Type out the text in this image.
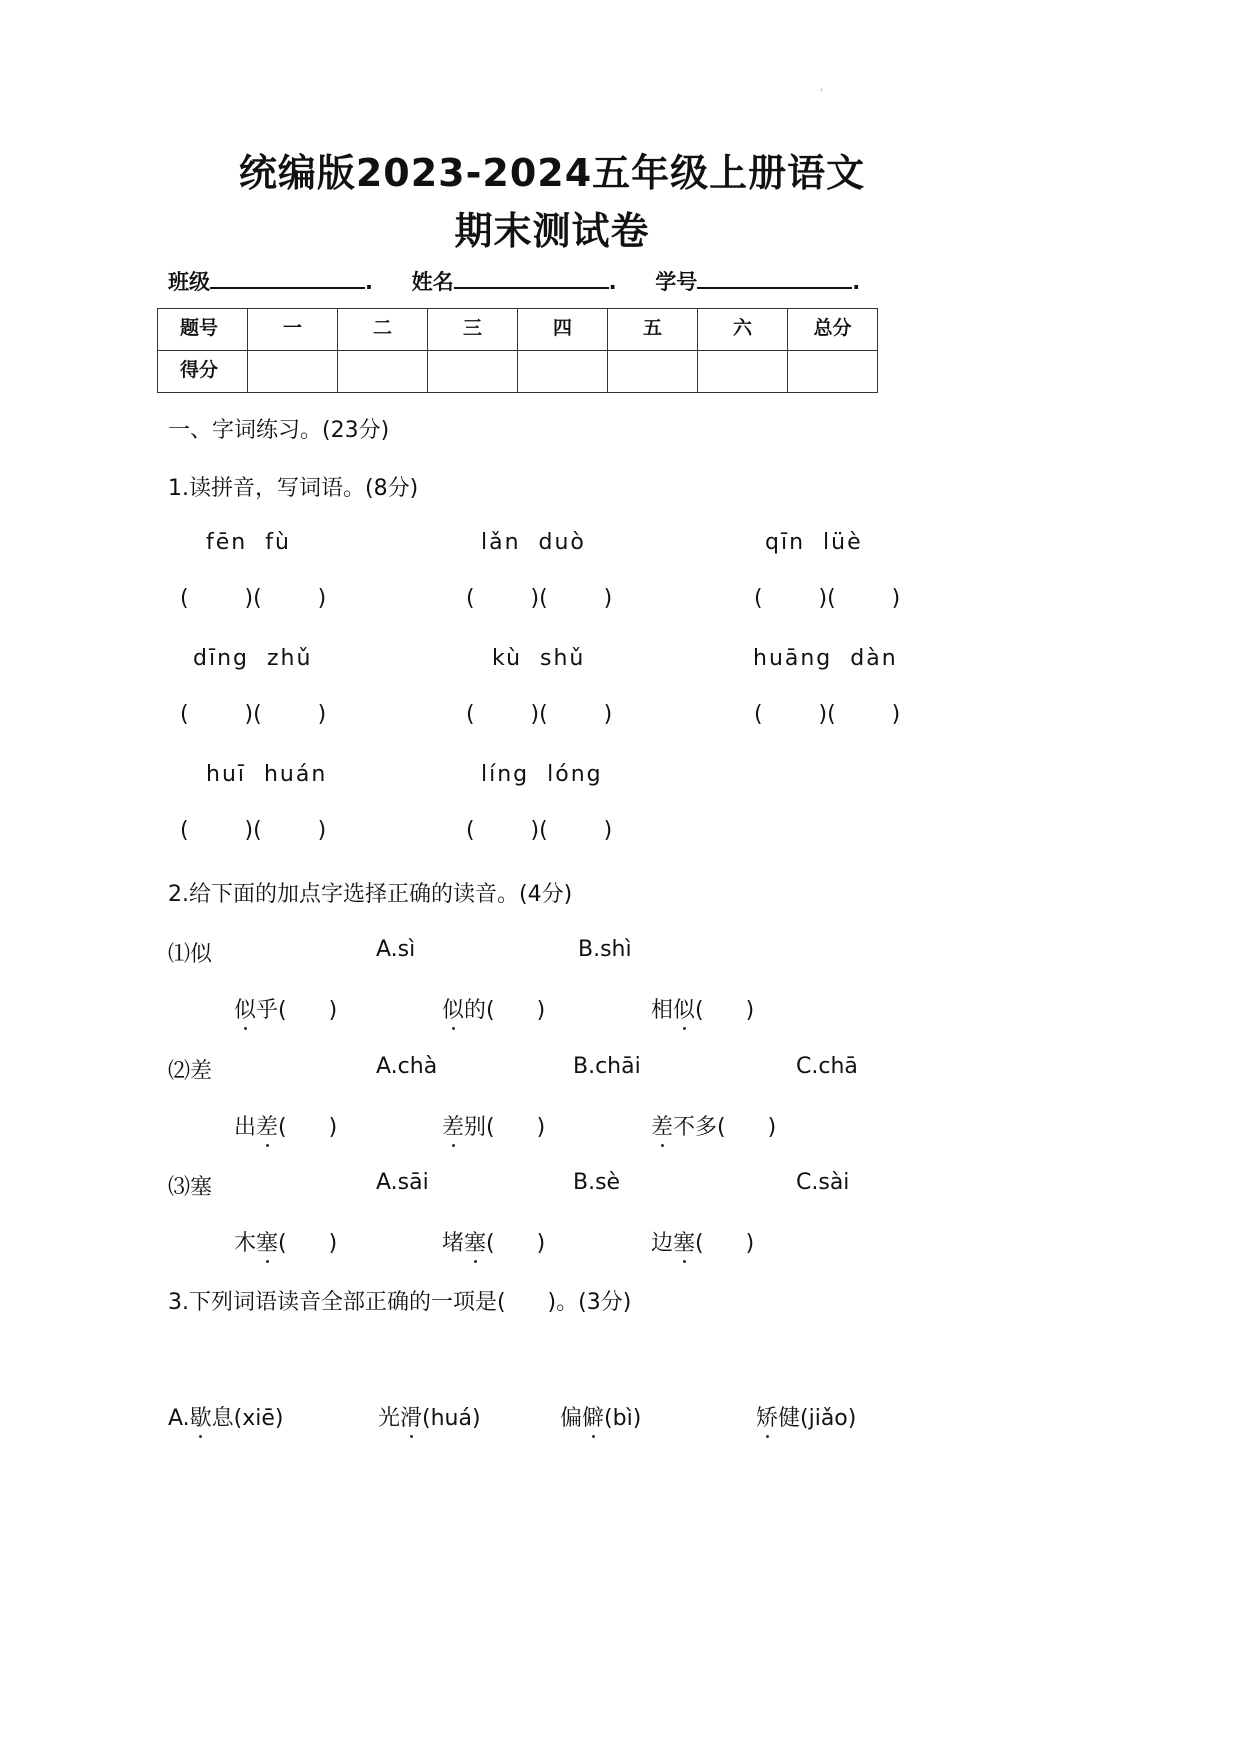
'
统编版2023-2024五年级上册语文
期末测试卷
班级	. 姓名	. 学号	.
题号	一	二	三	四	五	六	总分
得分							
一、字词练习。(23分)
1.读拼音，写词语。(8分)
fēn  fù	lǎn  duò	qīn  lüè
(        )(        )	(        )(        )	(        )(        )
dīng  zhǔ	kù  shǔ	huāng  dàn
(        )(        )	(        )(        )	(        )(        )
huī  huán	líng  lóng
(        )(        )	(        )(        )
2.给下面的加点字选择正确的读音。(4分)
⑴似	A.sì	B.shì
似乎(      )	似的(      )	相似(      )
⑵差	A.chà	B.chāi	C.chā
出差(      )	差别(      )	差不多(      )
⑶塞	A.sāi	B.sè	C.sài
木塞(      )	堵塞(      )	边塞(      )
3.下列词语读音全部正确的一项是(      )。(3分)
A.歇息(xiē)	光滑(huá)	偏僻(bì)	矫健(jiǎo)
